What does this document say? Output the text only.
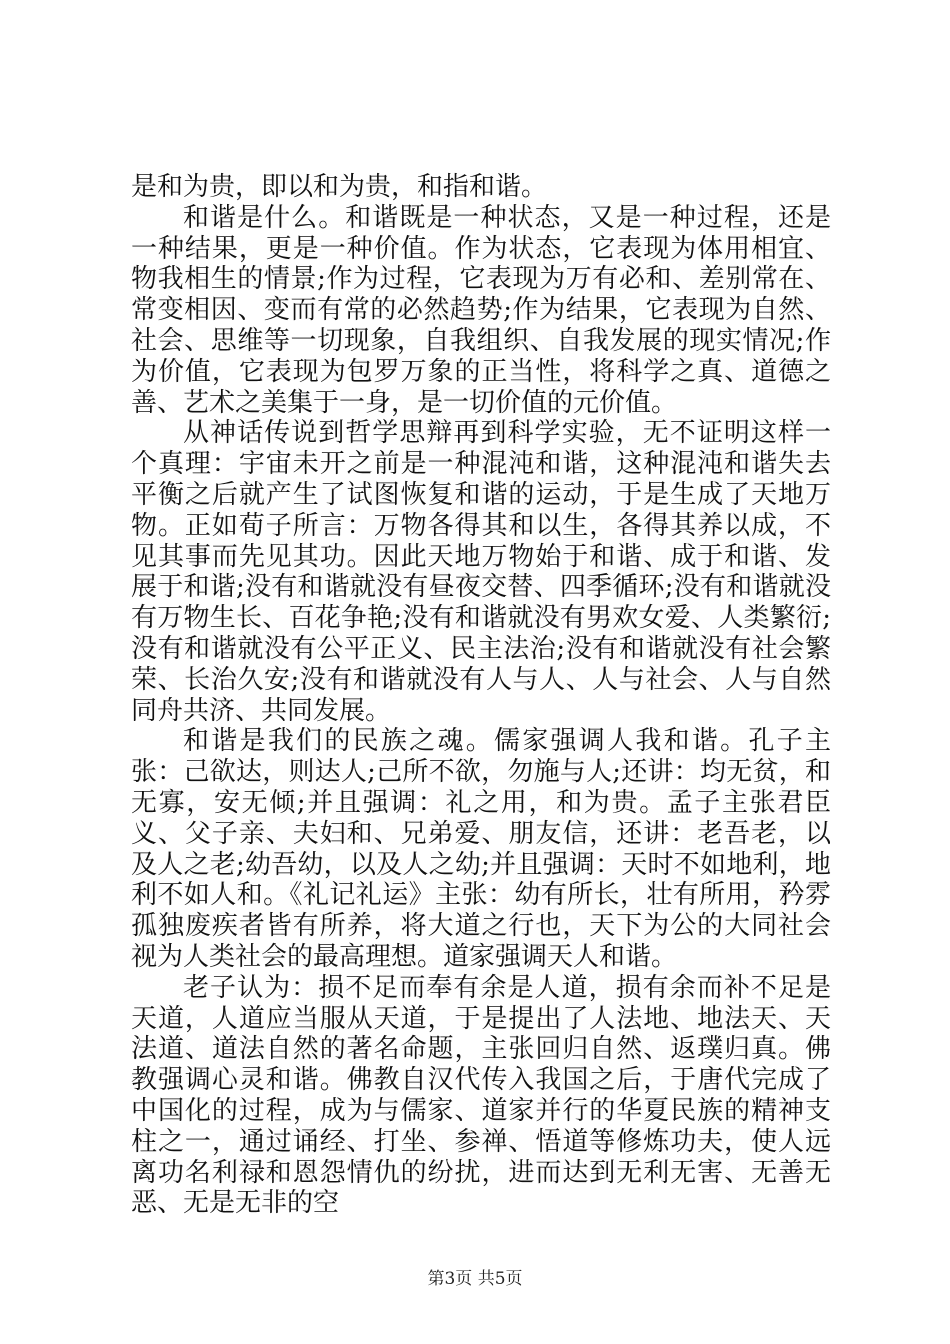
是和为贵，即以和为贵，和指和谐。

和谐是什么。和谐既是一种状态，又是一种过程，还是一种结果，更是一种价值。作为状态，它表现为体用相宜、物我相生的情景;作为过程，它表现为万有必和、差别常在、常变相因、变而有常的必然趋势;作为结果，它表现为自然、社会、思维等一切现象，自我组织、自我发展的现实情况;作为价值，它表现为包罗万象的正当性，将科学之真、道德之善、艺术之美集于一身，是一切价值的元价值。

从神话传说到哲学思辩再到科学实验，无不证明这样一个真理：宇宙未开之前是一种混沌和谐，这种混沌和谐失去平衡之后就产生了试图恢复和谐的运动，于是生成了天地万物。正如荀子所言：万物各得其和以生，各得其养以成，不见其事而先见其功。因此天地万物始于和谐、成于和谐、发展于和谐;没有和谐就没有昼夜交替、四季循环;没有和谐就没有万物生长、百花争艳;没有和谐就没有男欢女爱、人类繁衍;没有和谐就没有公平正义、民主法治;没有和谐就没有社会繁荣、长治久安;没有和谐就没有人与人、人与社会、人与自然同舟共济、共同发展。

和谐是我们的民族之魂。儒家强调人我和谐。孔子主张：己欲达，则达人;己所不欲，勿施与人;还讲：均无贫，和无寡，安无倾;并且强调：礼之用，和为贵。孟子主张君臣义、父子亲、夫妇和、兄弟爱、朋友信，还讲：老吾老，以及人之老;幼吾幼，以及人之幼;并且强调：天时不如地利，地利不如人和。《礼记礼运》主张：幼有所长，壮有所用，矜雰孤独废疾者皆有所养，将大道之行也，天下为公的大同社会视为人类社会的最高理想。道家强调天人和谐。

老子认为：损不足而奉有余是人道，损有余而补不足是天道，人道应当服从天道，于是提出了人法地、地法天、天法道、道法自然的著名命题，主张回归自然、返璞归真。佛教强调心灵和谐。佛教自汉代传入我国之后，于唐代完成了中国化的过程，成为与儒家、道家并行的华夏民族的精神支柱之一，通过诵经、打坐、参禅、悟道等修炼功夫，使人远离功名利禄和恩怨情仇的纷扰，进而达到无利无害、无善无恶、无是无非的空

第3页 共5页
